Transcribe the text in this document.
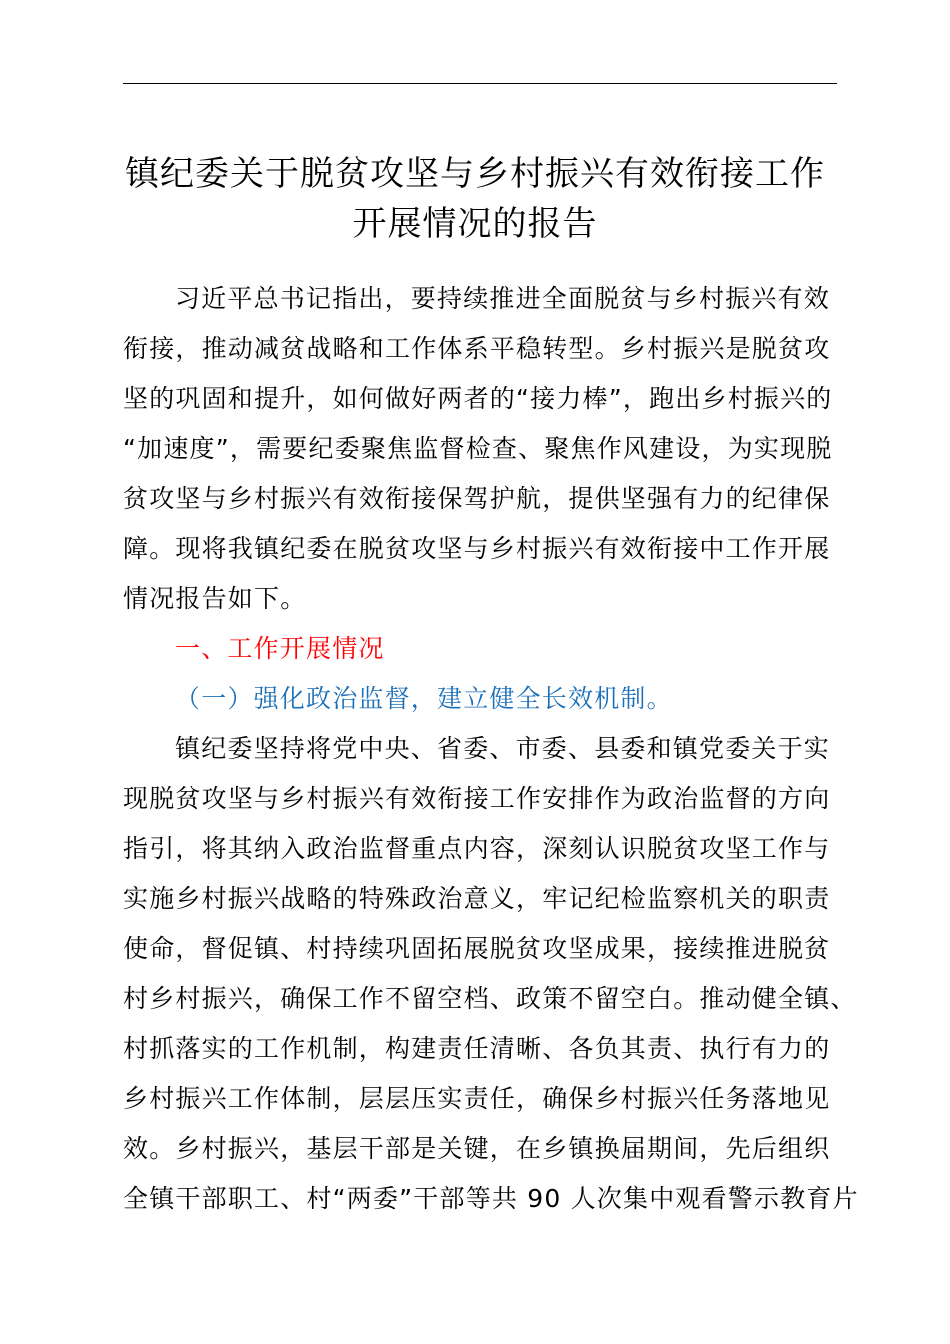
镇纪委关于脱贫攻坚与乡村振兴有效衔接工作
开展情况的报告
习近平总书记指出，要持续推进全面脱贫与乡村振兴有效
衔接，推动减贫战略和工作体系平稳转型。乡村振兴是脱贫攻
坚的巩固和提升，如何做好两者的“接力棒”，跑出乡村振兴的
“加速度”，需要纪委聚焦监督检查、聚焦作风建设，为实现脱
贫攻坚与乡村振兴有效衔接保驾护航，提供坚强有力的纪律保
障。现将我镇纪委在脱贫攻坚与乡村振兴有效衔接中工作开展
情况报告如下。
一、工作开展情况
（一）强化政治监督，建立健全长效机制。
镇纪委坚持将党中央、省委、市委、县委和镇党委关于实
现脱贫攻坚与乡村振兴有效衔接工作安排作为政治监督的方向
指引，将其纳入政治监督重点内容，深刻认识脱贫攻坚工作与
实施乡村振兴战略的特殊政治意义，牢记纪检监察机关的职责
使命，督促镇、村持续巩固拓展脱贫攻坚成果，接续推进脱贫
村乡村振兴，确保工作不留空档、政策不留空白。推动健全镇、
村抓落实的工作机制，构建责任清晰、各负其责、执行有力的
乡村振兴工作体制，层层压实责任，确保乡村振兴任务落地见
效。乡村振兴，基层干部是关键，在乡镇换届期间，先后组织
全镇干部职工、村“两委”干部等共 90 人次集中观看警示教育片
